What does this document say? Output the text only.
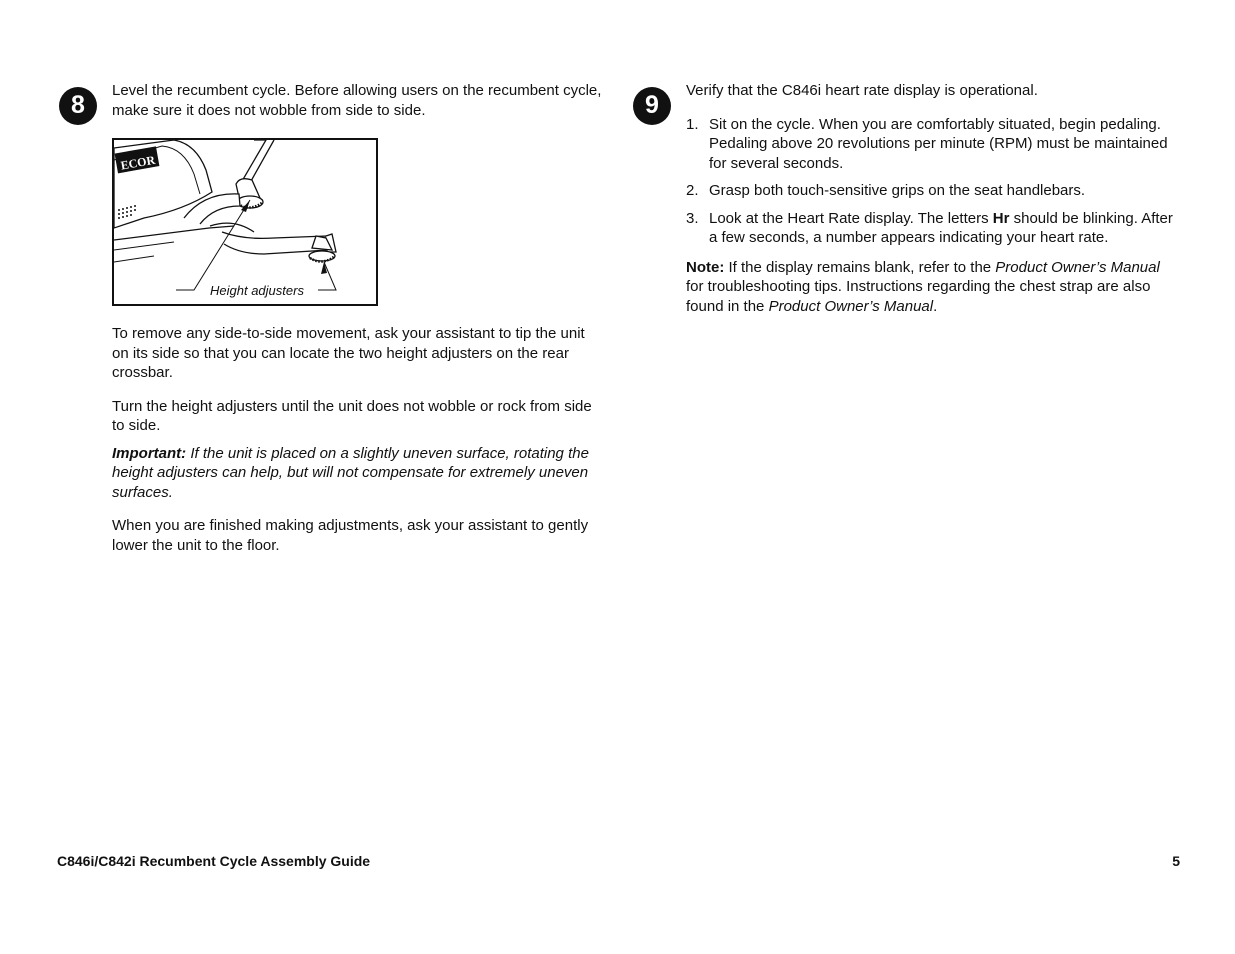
8

Level the recumbent cycle. Before allowing users on the recumbent cycle, make sure it does not wobble from side to side.

ECOR
Height adjusters

To remove any side-to-side movement, ask your assistant to tip the unit on its side so that you can locate the two height adjusters on the rear crossbar.

Turn the height adjusters until the unit does not wobble or rock from side to side.

Important: If the unit is placed on a slightly uneven surface, rotating the height adjusters can help, but will not compensate for extremely uneven surfaces.

When you are finished making adjustments, ask your assistant to gently lower the unit to the floor.

9

Verify that the C846i heart rate display is operational.

1. Sit on the cycle. When you are comfortably situated, begin pedaling. Pedaling above 20 revolutions per minute (RPM) must be maintained for several seconds.
2. Grasp both touch-sensitive grips on the seat handlebars.
3. Look at the Heart Rate display. The letters Hr should be blinking. After a few seconds, a number appears indicating your heart rate.

Note: If the display remains blank, refer to the Product Owner’s Manual for troubleshooting tips. Instructions regarding the chest strap are also found in the Product Owner’s Manual.

C846i/C842i Recumbent Cycle Assembly Guide	5
